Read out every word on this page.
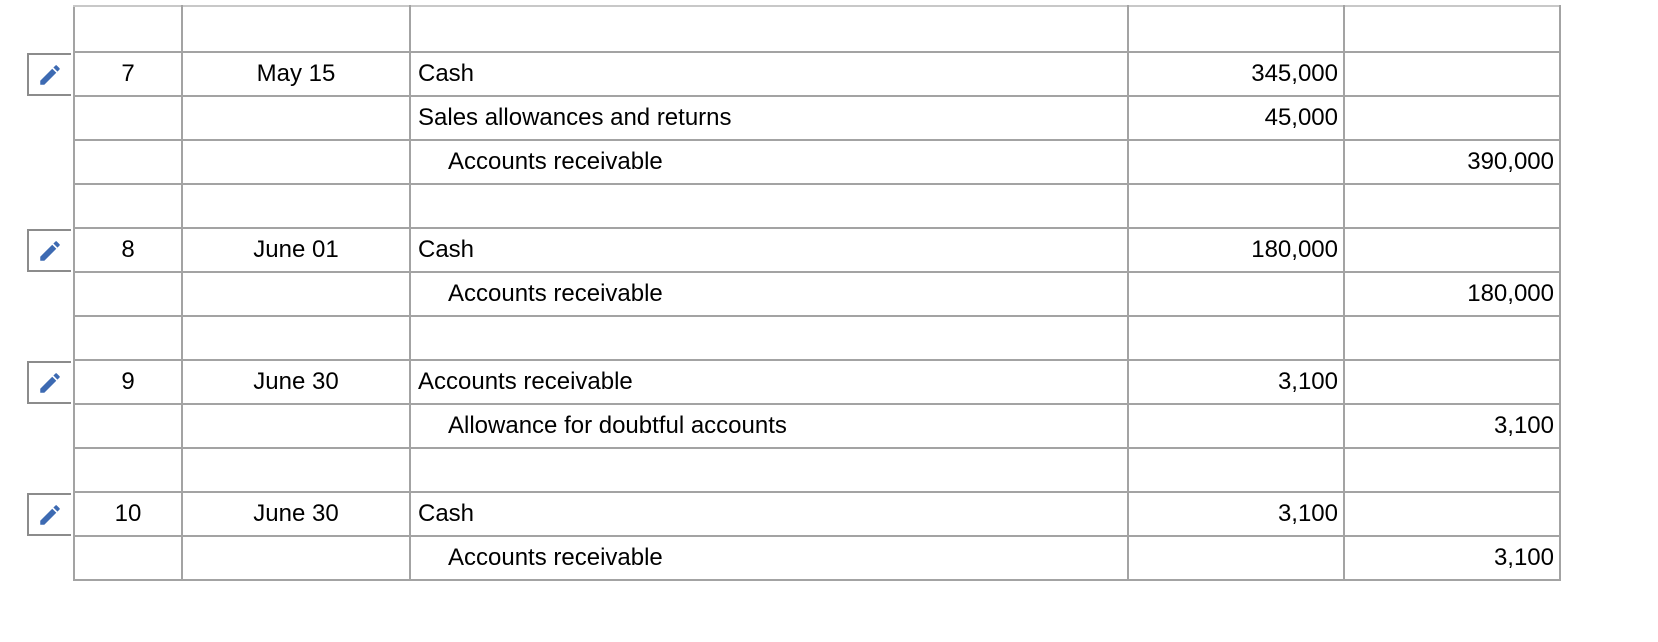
7	May 15	Cash	345,000	
		Sales allowances and returns	45,000	
		Accounts receivable		390,000

8	June 01	Cash	180,000	
		Accounts receivable		180,000

9	June 30	Accounts receivable	3,100	
		Allowance for doubtful accounts		3,100

10	June 30	Cash	3,100	
		Accounts receivable		3,100
